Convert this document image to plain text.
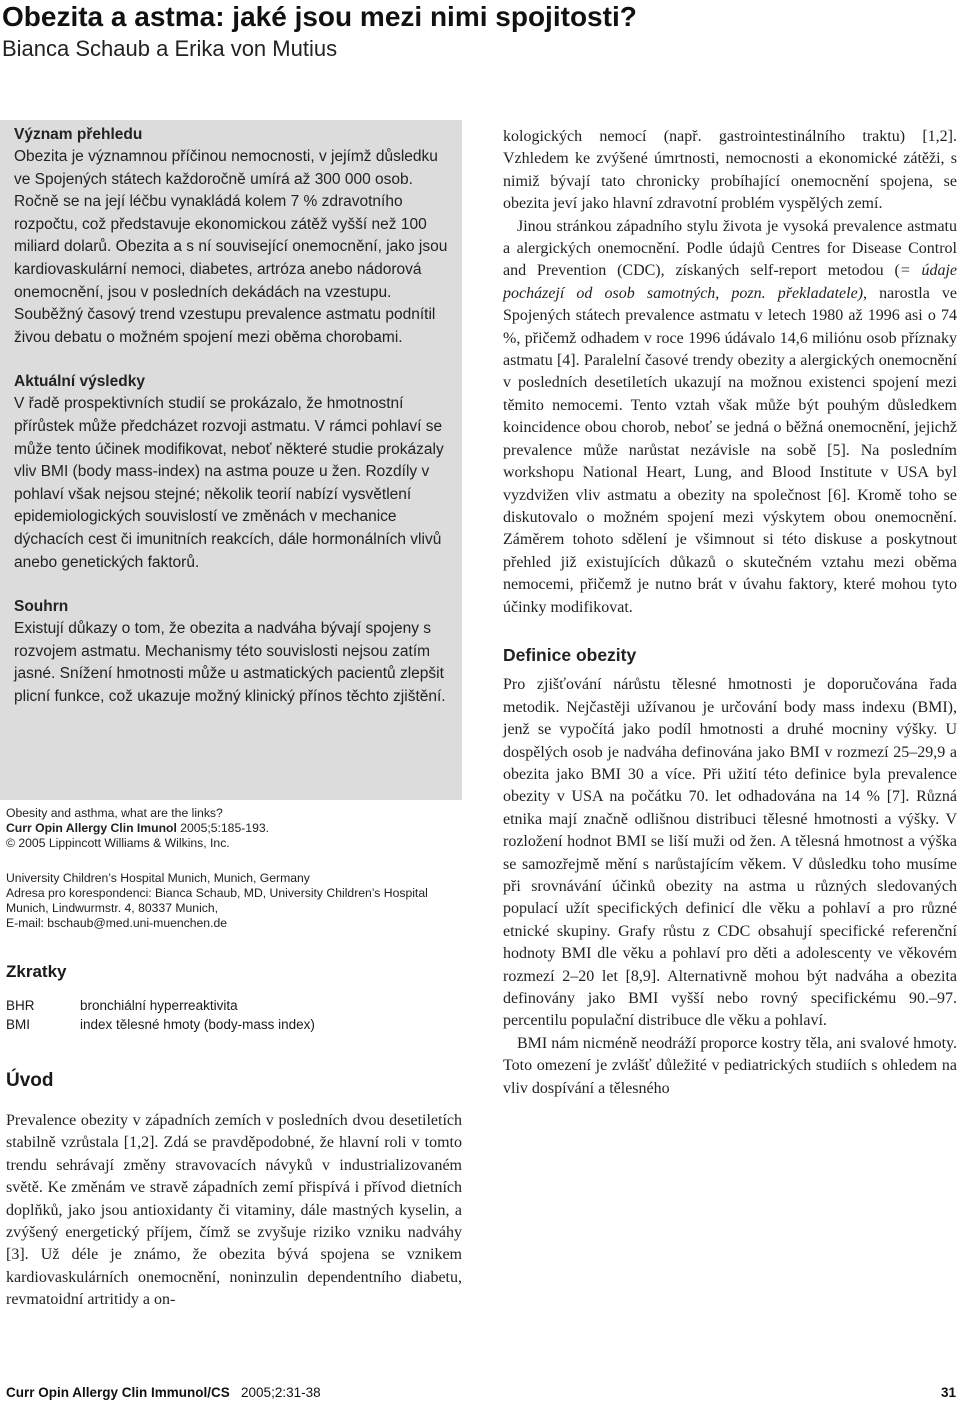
Obezita a astma: jaké jsou mezi nimi spojitosti?
Bianca Schaub a Erika von Mutius
Význam přehledu

Obezita je významnou příčinou nemocnosti, v jejímž důsledku ve Spojených státech každoročně umírá až 300 000 osob. Ročně se na její léčbu vynakládá kolem 7 % zdravotního rozpočtu, což představuje ekonomickou zátěž vyšší než 100 miliard dolarů. Obezita a s ní související onemocnění, jako jsou kardiovaskulární nemoci, diabetes, artróza anebo nádorová onemocnění, jsou v posledních dekádách na vzestupu. Souběžný časový trend vzestupu prevalence astmatu podnítil živou debatu o možném spojení mezi oběma chorobami.

Aktuální výsledky

V řadě prospektivních studií se prokázalo, že hmotnostní přírůstek může předcházet rozvoji astmatu. V rámci pohlaví se může tento účinek modifikovat, neboť některé studie prokázaly vliv BMI (body mass-index) na astma pouze u žen. Rozdíly v pohlaví však nejsou stejné; několik teorií nabízí vysvětlení epidemiologických souvislostí ve změnách v mechanice dýchacích cest či imunitních reakcích, dále hormonálních vlivů anebo genetických faktorů.

Souhrn

Existují důkazy o tom, že obezita a nadváha bývají spojeny s rozvojem astmatu. Mechanismy této souvislosti nejsou zatím jasné. Snížení hmotnosti může u astmatických pacientů zlepšit plicní funkce, což ukazuje možný klinický přínos těchto zjištění.

Obesity and asthma, what are the links?

Curr Opin Allergy Clin Imunol 2005;5:185-193.

© 2005 Lippincott Williams & Wilkins, Inc.

University Children’s Hospital Munich, Munich, Germany

Adresa pro korespondenci: Bianca Schaub, MD, University Children’s Hospital Munich, Lindwurmstr. 4, 80337 Munich,

E-mail: bschaub@med.uni-muenchen.de

Zkratky
BHR	bronchiální hyperreaktivita
BMI	index tělesné hmoty (body-mass index)
Úvod

Prevalence obezity v západních zemích v posledních dvou desetiletích stabilně vzrůstala [1,2]. Zdá se pravděpodobné, že hlavní roli v tomto trendu sehrávají změny stravovacích návyků v industrializovaném světě. Ke změnám ve stravě západních zemí přispívá i přívod dietních doplňků, jako jsou antioxidanty či vitaminy, dále mastných kyselin, a zvýšený energetický příjem, čímž se zvyšuje riziko vzniku nadváhy [3]. Už déle je známo, že obezita bývá spojena se vznikem kardiovaskulárních onemocnění, noninzulin dependentního diabetu, revmatoidní artritidy a on-

kologických nemocí (např. gastrointestinálního traktu) [1,2]. Vzhledem ke zvýšené úmrtnosti, nemocnosti a ekonomické zátěži, s nimiž bývají tato chronicky probíhající onemocnění spojena, se obezita jeví jako hlavní zdravotní problém vyspělých zemí.

Jinou stránkou západního stylu života je vysoká prevalence astmatu a alergických onemocnění. Podle údajů Centres for Disease Control and Prevention (CDC), získaných self-report metodou (= údaje pocházejí od osob samotných, pozn. překladatele), narostla ve Spojených státech prevalence astmatu v letech 1980 až 1996 asi o 74 %, přičemž odhadem v roce 1996 údávalo 14,6 miliónu osob příznaky astmatu [4]. Paralelní časové trendy obezity a alergických onemocnění v posledních desetiletích ukazují na možnou existenci spojení mezi těmito nemocemi. Tento vztah však může být pouhým důsledkem koincidence obou chorob, neboť se jedná o běžná onemocnění, jejichž prevalence může narůstat nezávisle na sobě [5]. Na posledním workshopu National Heart, Lung, and Blood Institute v USA byl vyzdvižen vliv astmatu a obezity na společnost [6]. Kromě toho se diskutovalo o možném spojení mezi výskytem obou onemocnění. Záměrem tohoto sdělení je všimnout si této diskuse a poskytnout přehled již existujících důkazů o skutečném vztahu mezi oběma nemocemi, přičemž je nutno brát v úvahu faktory, které mohou tyto účinky modifikovat.

Definice obezity

Pro zjišťování nárůstu tělesné hmotnosti je doporučována řada metodik. Nejčastěji užívanou je určování body mass indexu (BMI), jenž se vypočítá jako podíl hmotnosti a druhé mocniny výšky. U dospělých osob je nadváha definována jako BMI v rozmezí 25–29,9 a obezita jako BMI 30 a více. Při užití této definice byla prevalence obezity v USA na počátku 70. let odhadována na 14 % [7]. Různá etnika mají značně odlišnou distribuci tělesné hmotnosti a výšky. V rozložení hodnot BMI se liší muži od žen. A tělesná hmotnost a výška se samozřejmě mění s narůstajícím věkem. V důsledku toho musíme při srovnávání účinků obezity na astma u různých sledovaných populací užít specifických definicí dle věku a pohlaví a pro různé etnické skupiny. Grafy růstu z CDC obsahují specifické referenční hodnoty BMI dle věku a pohlaví pro děti a adolescenty ve věkovém rozmezí 2–20 let [8,9]. Alternativně mohou být nadváha a obezita definovány jako BMI vyšší nebo rovný specifickému 90.–97. percentilu populační distribuce dle věku a pohlaví.

BMI nám nicméně neodráží proporce kostry těla, ani svalové hmoty. Toto omezení je zvlášť důležité v pediatrických studiích s ohledem na vliv dospívání a tělesného

Curr Opin Allergy Clin Immunol/CS 2005;2:31-38	31
